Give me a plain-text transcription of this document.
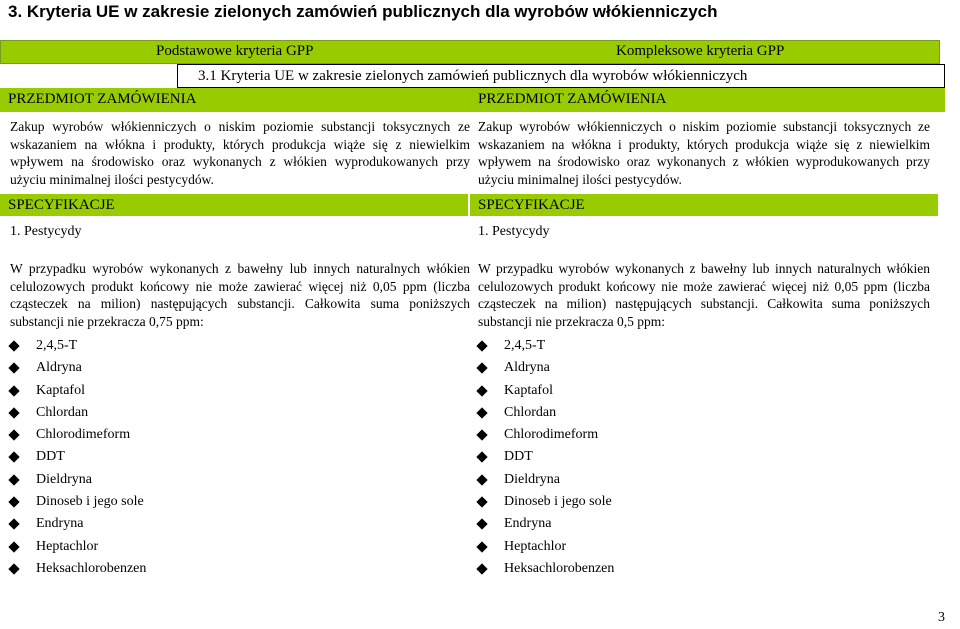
3. Kryteria UE w zakresie zielonych zamówień publicznych dla wyrobów włókienniczych
Podstawowe kryteria GPP	Kompleksowe kryteria GPP
3.1 Kryteria UE w zakresie zielonych zamówień publicznych dla wyrobów włókienniczych
PRZEDMIOT ZAMÓWIENIA	PRZEDMIOT ZAMÓWIENIA

Zakup wyrobów włókienniczych o niskim poziomie substancji toksycznych ze wskazaniem na włókna i produkty, których produkcja wiąże się z niewielkim wpływem na środowisko oraz wykonanych z włókien wyprodukowanych przy użyciu minimalnej ilości pestycydów.

SPECYFIKACJE
1. Pestycydy

W przypadku wyrobów wykonanych z bawełny lub innych naturalnych włókien celulozowych produkt końcowy nie może zawierać więcej niż 0,05 ppm (liczba cząsteczek na milion) następujących substancji. Całkowita suma poniższych substancji nie przekracza 0,75 ppm:

2,4,5-T
Aldryna
Kaptafol
Chlordan
Chlorodimeform
DDT
Dieldryna
Dinoseb i jego sole
Endryna
Heptachlor
Heksachlorobenzen

Zakup wyrobów włókienniczych o niskim poziomie substancji toksycznych ze wskazaniem na włókna i produkty, których produkcja wiąże się z niewielkim wpływem na środowisko oraz wykonanych z włókien wyprodukowanych przy użyciu minimalnej ilości pestycydów.

SPECYFIKACJE
1. Pestycydy

W przypadku wyrobów wykonanych z bawełny lub innych naturalnych włókien celulozowych produkt końcowy nie może zawierać więcej niż 0,05 ppm (liczba cząsteczek na milion) następujących substancji. Całkowita suma poniższych substancji nie przekracza 0,5 ppm:

2,4,5-T
Aldryna
Kaptafol
Chlordan
Chlorodimeform
DDT
Dieldryna
Dinoseb i jego sole
Endryna
Heptachlor
Heksachlorobenzen
3
